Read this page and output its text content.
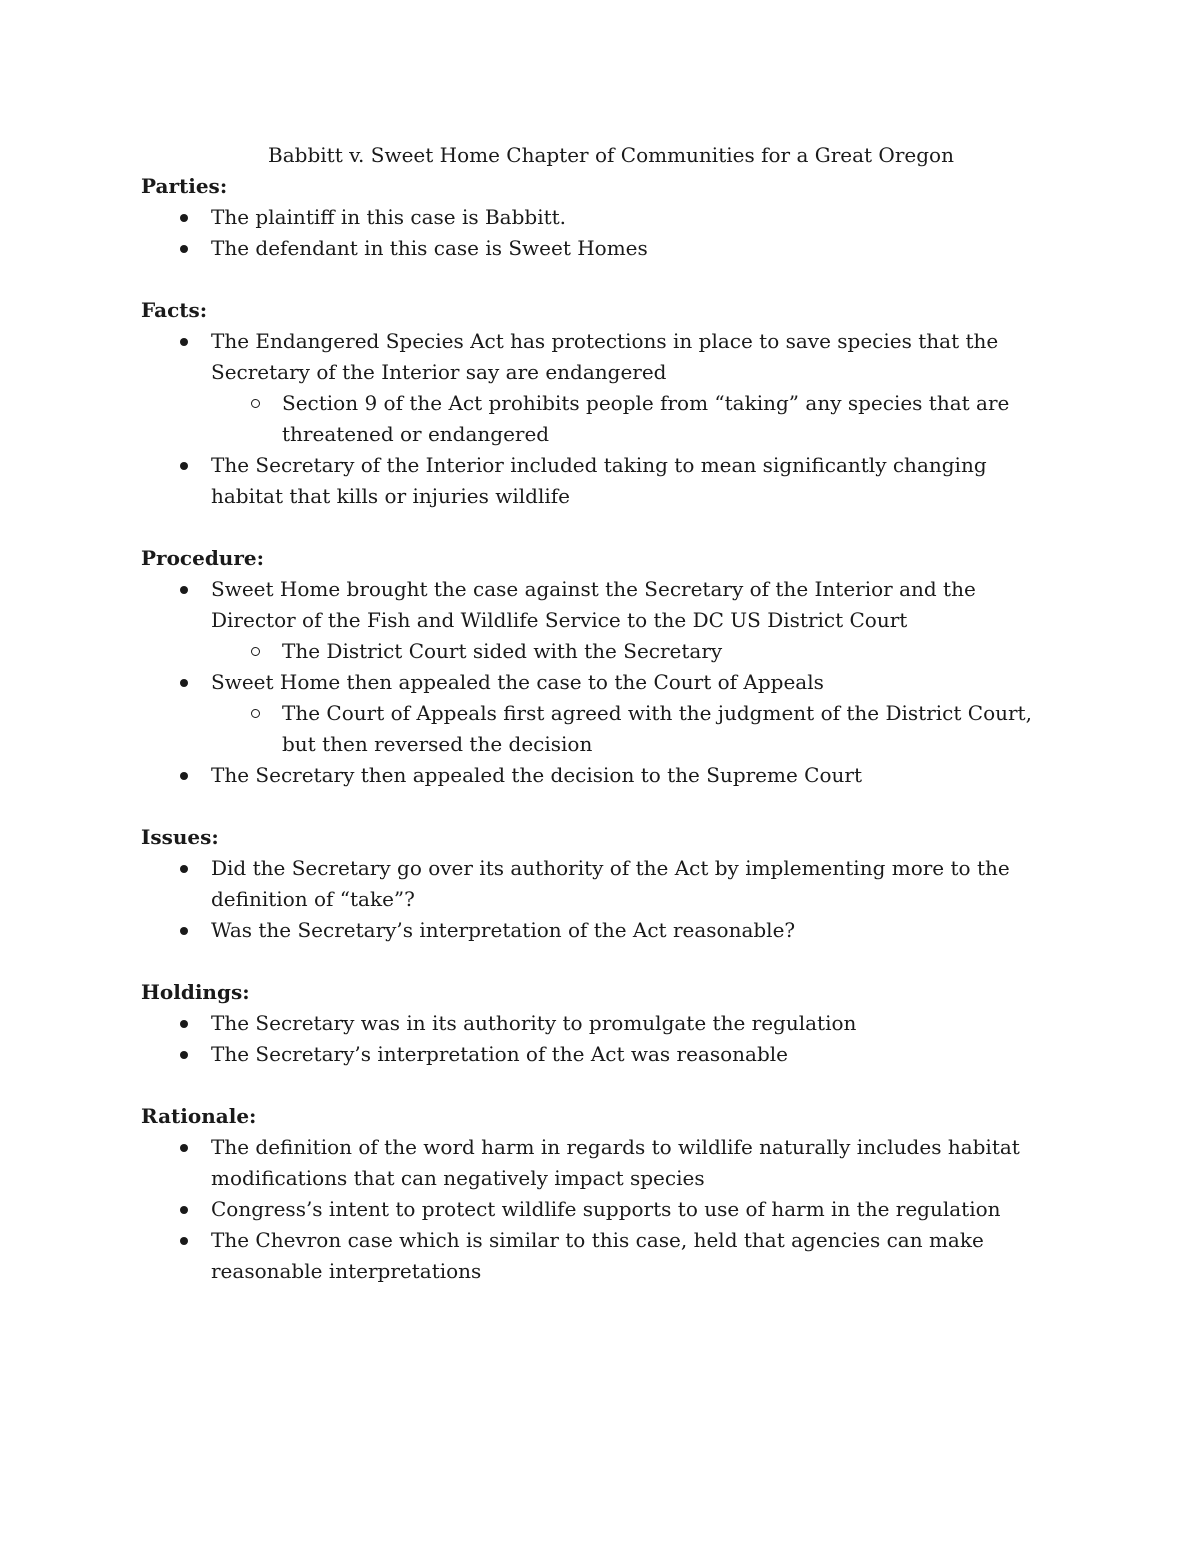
Babbitt v. Sweet Home Chapter of Communities for a Great Oregon
Parties:
The plaintiff in this case is Babbitt.
The defendant in this case is Sweet Homes
Facts:
The Endangered Species Act has protections in place to save species that the Secretary of the Interior say are endangered
Section 9 of the Act prohibits people from “taking” any species that are threatened or endangered
The Secretary of the Interior included taking to mean significantly changing habitat that kills or injuries wildlife
Procedure:
Sweet Home brought the case against the Secretary of the Interior and the Director of the Fish and Wildlife Service to the DC US District Court
The District Court sided with the Secretary
Sweet Home then appealed the case to the Court of Appeals
The Court of Appeals first agreed with the judgment of the District Court, but then reversed the decision
The Secretary then appealed the decision to the Supreme Court
Issues:
Did the Secretary go over its authority of the Act by implementing more to the definition of “take”?
Was the Secretary’s interpretation of the Act reasonable?
Holdings:
The Secretary was in its authority to promulgate the regulation
The Secretary’s interpretation of the Act was reasonable
Rationale:
The definition of the word harm in regards to wildlife naturally includes habitat modifications that can negatively impact species
Congress’s intent to protect wildlife supports to use of harm in the regulation
The Chevron case which is similar to this case, held that agencies can make reasonable interpretations
